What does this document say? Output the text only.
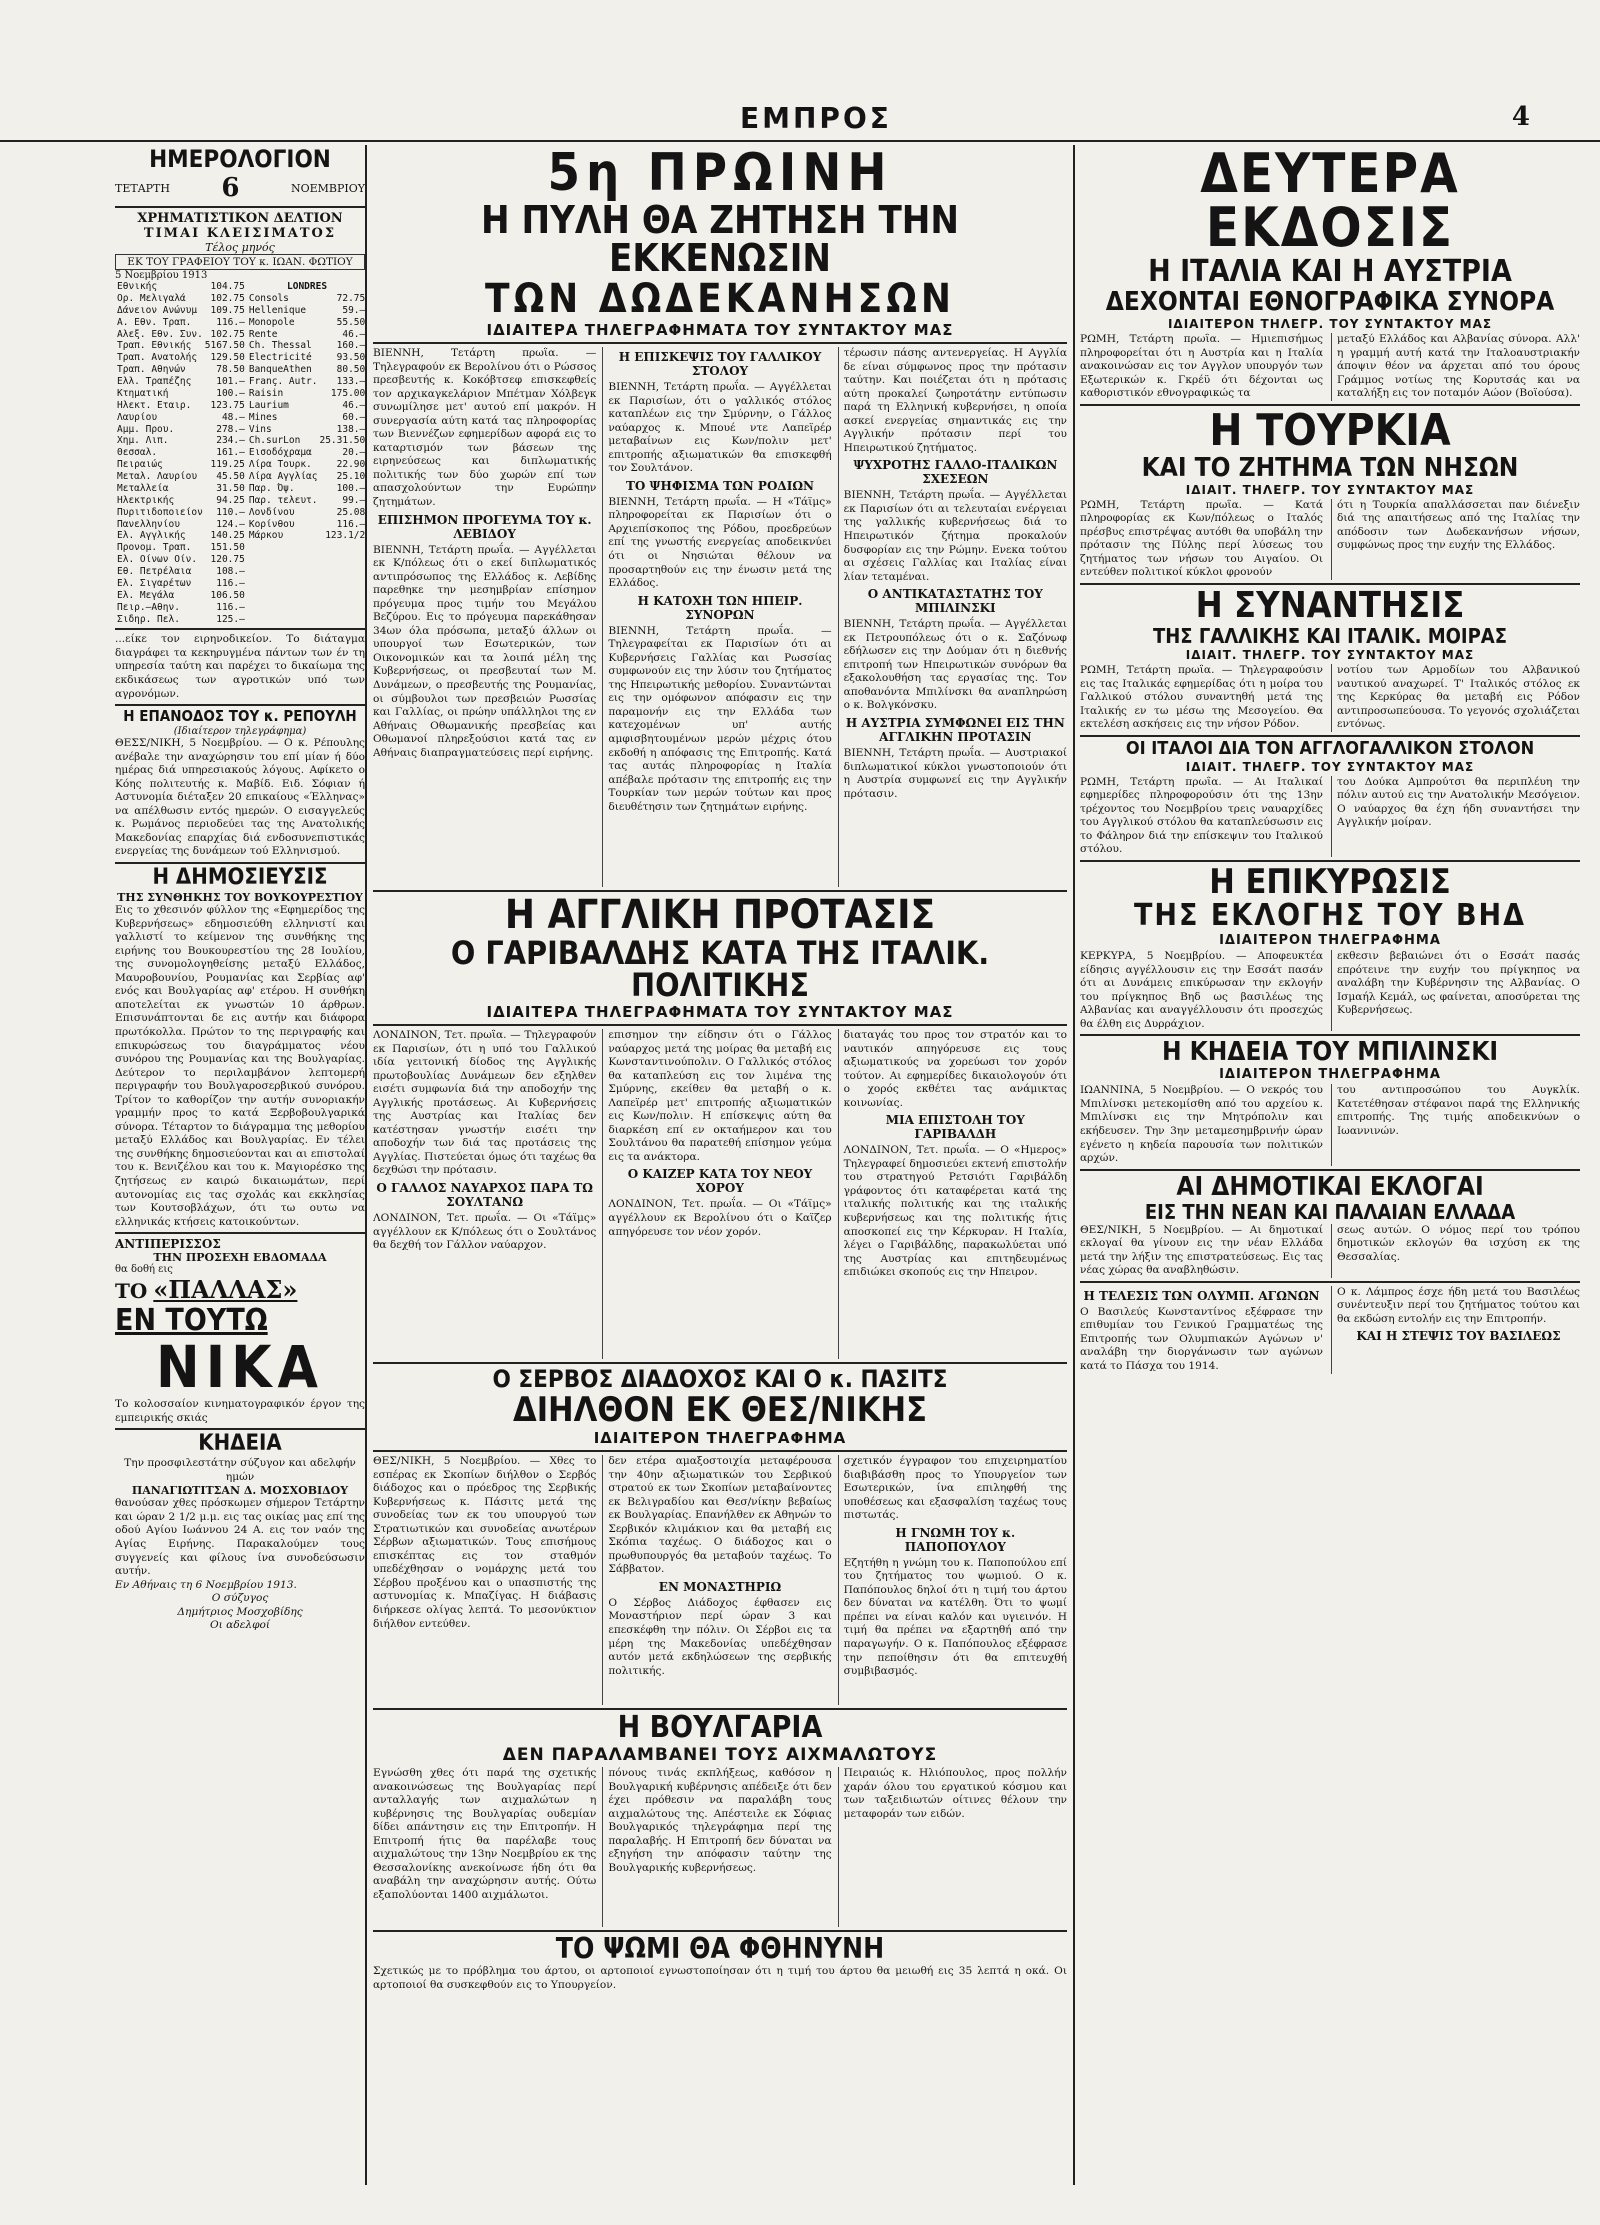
ΕΜΠΡΟΣ	4
ΗΜΕΡΟΛΟΓΙΟΝ
ΤΕΤΑΡΤΗ 6	ΝΟΕΜΒΡΙΟΥ
ΧΡΗΜΑΤΙΣΤΙΚΟΝ ΔΕΛΤΙΟΝ
ΤΙΜΑΙ ΚΛΕΙΣΙΜΑΤΟΣ
Τέλος μηνός
ΕΚ ΤΟΥ ΓΡΑΦΕΙΟΥ ΤΟΥ κ. ΙΩΑΝ. ΦΩΤΙΟΥ
5 Νοεμβρίου 1913
Εθνικής	104.75
Ορ. Μελιγαλά	102.75
Δάνειον Ανώνυμ	109.75
Α. Εθν. Τραπ.	116.—
Αλεξ. Εθν. Συν.	102.75
Τραπ. Εθνικής	5167.50
Τραπ. Ανατολής	129.50
Τραπ. Αθηνών	78.50
Ελλ. Τραπέζης	101.—
Κτηματική	100.—
Ηλεκτ. Εταιρ.	123.75
Λαυρίου	48.—
Αμμ. Πρου.	278.—
Χημ. Λιπ.	234.—
Θεσσαλ.	161.—
Πειραιώς	119.25
Μεταλ. Λαυρίου	45.50
Μεταλλεία	31.50
Ηλεκτρικής	94.25
Πυριτιδοποιείον	110.—
Πανελληνίου	124.—
Ελ. Αγγλικής	140.25
Προνομ. Τραπ.	151.50
Ελ. Οίνων Οίν.	120.75
Εθ. Πετρέλαια	108.—
Ελ. Σιγαρέτων	116.—
Ελ. Μεγάλα	106.50
Πειρ.—Αθην.	116.—
Σιδηρ. Πελ.	125.—

LONDRES
Consols	72.75
Hellenique	59.—
Monopole	55.50
Rente	46.—
Ch. Thessal	160.—
Electricité	93.50
BanqueAthen	80.50
Franç. Autr.	133.—
Raisin	175.00
Laurium	46.—
Mines	60.—
Vins	138.—
Ch.surLon	25.31.50
Εισοδόχραμα	20.—
Λίρα Τουρκ.	22.90
Λίρα Αγγλίας	25.10
Παρ. Όψ.	100.—
Παρ. τελευτ.	99.—
Λονδίνου	25.08
Κορίνθου	116.—
Μάρκου	123.1/2

...είκε τον ειρηνοδικείον. Το διάταγμα διαγράφει τα κεκηρυγμένα πάντων των έν τη υπηρεσία ταύτη και παρέχει το δικαίωμα της εκδικάσεως των αγροτικών υπό των αγρονόμων.

Η ΕΠΑΝΟΔΟΣ ΤΟΥ κ. ΡΕΠΟΥΛΗ
(Ιδιαίτερον τηλεγράφημα)

ΘΕΣΣ/ΝΙΚΗ, 5 Νοεμβρίου. — Ο κ. Ρέπουλης ανέβαλε την αναχώρησιν του επί μίαν ή δύο ημέρας διά υπηρεσιακούς λόγους. Αφίκετο ο Κόης πολιτευτής κ. Μαβίδ. Ειδ. Σόφιαν ή Αστυνομία διέταξεν 20 επικαίους «Έλληνας» να απέλθωσιν εντός ημερών. Ο εισαγγελεύς κ. Ρωμάνος περιοδεύει τας της Ανατολικής Μακεδονίας επαρχίας διά ενδοσυνεπιστικάς ενεργείας της δυνάμεων τού Ελληνισμού.

Η ΔΗΜΟΣΙΕΥΣΙΣ
ΤΗΣ ΣΥΝΘΗΚΗΣ ΤΟΥ ΒΟΥΚΟΥΡΕΣΤΙΟΥ

Εις το χθεσινόν φύλλον της «Εφημερίδος της Κυβερνήσεως» εδημοσιεύθη ελληνιστί και γαλλιστί το κείμενον της συνθήκης της ειρήνης του Βουκουρεστίου της 28 Ιουλίου, της συνομολογηθείσης μεταξύ Ελλάδος, Μαυροβουνίου, Ρουμανίας και Σερβίας αφ' ενός και Βουλγαρίας αφ' ετέρου. Η συνθήκη αποτελείται εκ γνωστών 10 άρθρων. Επισυνάπτονται δε εις αυτήν και διάφορα πρωτόκολλα. Πρώτον το της περιγραφής και επικυρώσεως του διαγράμματος νέου συνόρου της Ρουμανίας και της Βουλγαρίας. Δεύτερον το περιλαμβάνον λεπτομερή περιγραφήν του Βουλγαροσερβικού συνόρου. Τρίτον το καθορίζον την αυτήν συνοριακήν γραμμήν προς το κατά Ξερβοβουλγαρικά σύνορα. Τέταρτον το διάγραμμα της μεθορίου μεταξύ Ελλάδος και Βουλγαρίας. Εν τέλει της συνθήκης δημοσιεύονται και αι επιστολαί του κ. Βενιζέλου και του κ. Μαγιορέσκο της ζητήσεως εν καιρώ δικαιωμάτων, περί αυτονομίας εις τας σχολάς και εκκλησίας των Κουτσοβλάχων, ότι τω ουτω να ελληνικάς κτήσεις κατοικούντων.

ΑΝΤΙΠΕΡΙΣΣΟΣ
ΤΗΝ ΠΡΟΣΕΧΗ ΕΒΔΟΜΑΔΑ
θα δοθή εις
ΤΟ «ΠΑΛΛΑΣ»
ΕΝ ΤΟΥΤΩ
ΝΙΚΑ

Το κολοσσαίον κινηματογραφικόν έργον της εμπειρικής σκιάς

ΚΗΔΕΙΑ

Την προσφιλεστάτην σύζυγον και αδελφήν ημών

ΠΑΝΑΓΙΩΤΙΤΣΑΝ Δ. ΜΟΣΧΟΒΙΔΟΥ

θανούσαν χθες πρόσκωμεν σήμερον Τετάρτην και ώραν 2 1/2 μ.μ. εις τας οικίας μας επί της οδού Αγίου Ιωάννου 24 Α. εις τον ναόν της Αγίας Ειρήνης. Παρακαλούμεν τους συγγενείς και φίλους ίνα συνοδεύσωσιν αυτήν.

Εν Αθήναις τη 6 Νοεμβρίου 1913.

Ο σύζυγος

Δημήτριος Μοσχοβίδης

Οι αδελφοί

5η ΠΡΩΙΝΗ
Η ΠΥΛΗ ΘΑ ΖΗΤΗΣΗ ΤΗΝ ΕΚΚΕΝΩΣΙΝ
ΤΩΝ ΔΩΔΕΚΑΝΗΣΩΝ
ΙΔΙΑΙΤΕΡΑ ΤΗΛΕΓΡΑΦΗΜΑΤΑ ΤΟΥ ΣΥΝΤΑΚΤΟΥ ΜΑΣ

ΒΙΕΝΝΗ, Τετάρτη πρωΐα. — Τηλεγραφούν εκ Βερολίνου ότι ο Ρώσσος πρεσβευτής κ. Κοκόβτσεφ επισκεφθείς τον αρχικαγκελάριον Μπέτμαν Χόλβεγκ συνωμίλησε μετ' αυτού επί μακρόν. Η συνεργασία αύτη κατά τας πληροφορίας των Βιεννέζων εφημερίδων αφορά εις το καταρτισμόν των βάσεων της ειρηνεύσεως και διπλωματικής πολιτικής των δύο χωρών επί των απασχολούντων την Ευρώπην ζητημάτων.

ΕΠΙΣΗΜΟΝ ΠΡΟΓΕΥΜΑ ΤΟΥ κ. ΛΕΒΙΔΟΥ

ΒΙΕΝΝΗ, Τετάρτη πρωΐα. — Αγγέλλεται εκ Κ/πόλεως ότι ο εκεί διπλωματικός αντιπρόσωπος της Ελλάδος κ. Λεβίδης παρεθηκε την μεσημβρίαν επίσημον πρόγευμα προς τιμήν του Μεγάλου Βεζύρου. Εις το πρόγευμα παρεκάθησαν 34ων όλα πρόσωπα, μεταξύ άλλων οι υπουργοί των Εσωτερικών, των Οικονομικών και τα λοιπά μέλη της Κυβερνήσεως, οι πρεσβευταί των Μ. Δυνάμεων, ο πρεσβευτής της Ρουμανίας, οι σύμβουλοι των πρεσβειών Ρωσσίας και Γαλλίας, οι πρώην υπάλληλοι της εν Αθήναις Οθωμανικής πρεσβείας και Οθωμανοί πληρεξούσιοι κατά τας εν Αθήναις διαπραγματεύσεις περί ειρήνης.

Η ΕΠΙΣΚΕΨΙΣ ΤΟΥ ΓΑΛΛΙΚΟΥ ΣΤΟΛΟΥ

ΒΙΕΝΝΗ, Τετάρτη πρωΐα. — Αγγέλλεται εκ Παρισίων, ότι ο γαλλικός στόλος καταπλέων εις την Σμύρνην, ο Γάλλος ναύαρχος κ. Μπουέ ντε Λαπεϊρέρ μεταβαίνων εις Κων/πολιν μετ' επιτροπής αξιωματικών θα επισκεφθή τον Σουλτάνον.

ΤΟ ΨΗΦΙΣΜΑ ΤΩΝ ΡΟΔΙΩΝ

ΒΙΕΝΝΗ, Τετάρτη πρωΐα. — Η «Τάϊμς» πληροφορείται εκ Παρισίων ότι ο Αρχιεπίσκοπος της Ρόδου, προεδρεύων επί της γνωστής ενεργείας αποδεικνύει ότι οι Νησιώται θέλουν να προσαρτηθούν εις την ένωσιν μετά της Ελλάδος.

Η ΚΑΤΟΧΗ ΤΩΝ ΗΠΕΙΡ. ΣΥΝΟΡΩΝ

ΒΙΕΝΝΗ, Τετάρτη πρωΐα. — Τηλεγραφείται εκ Παρισίων ότι αι Κυβερνήσεις Γαλλίας και Ρωσσίας συμφωνούν εις την λύσιν του ζητήματος της Ηπειρωτικής μεθορίου. Συναντώνται εις την ομόφωνον απόφασιν εις την παραμονήν εις την Ελλάδα των κατεχομένων υπ' αυτής αμφισβητουμένων μερών μέχρις ότου εκδοθή η απόφασις της Επιτροπής. Κατά τας αυτάς πληροφορίας η Ιταλία απέβαλε πρότασιν της επιτροπής εις την Τουρκίαν των μερών τούτων και προς διευθέτησιν των ζητημάτων ειρήνης.

τέρωσιν πάσης αντενεργείας. Η Αγγλία δε είναι σύμφωνος προς την πρότασιν ταύτην. Και ποιέζεται ότι η πρότασις αύτη προκαλεί ζωηροτάτην εντύπωσιν παρά τη Ελληνική κυβερνήσει, η οποία ασκεί ενεργείας σημαντικάς εις την Αγγλικήν πρότασιν περί του Ηπειρωτικού ζητήματος.

ΨΥΧΡΟΤΗΣ ΓΑΛΛΟ-ΙΤΑΛΙΚΩΝ ΣΧΕΣΕΩΝ

ΒΙΕΝΝΗ, Τετάρτη πρωΐα. — Αγγέλλεται εκ Παρισίων ότι αι τελευταίαι ενέργειαι της γαλλικής κυβερνήσεως διά το Ηπειρωτικόν ζήτημα προκαλούν δυσφορίαν εις την Ρώμην. Ενεκα τούτου αι σχέσεις Γαλλίας και Ιταλίας είναι λίαν τεταμέναι.

Ο ΑΝΤΙΚΑΤΑΣΤΑΤΗΣ ΤΟΥ ΜΠΙΛΙΝΣΚΙ

ΒΙΕΝΝΗ, Τετάρτη πρωΐα. — Αγγέλλεται εκ Πετρουπόλεως ότι ο κ. Σαζόνωφ εδήλωσεν εις την Δούμαν ότι η διεθνής επιτροπή των Ηπειρωτικών συνόρων θα εξακολουθήση τας εργασίας της. Τον αποθανόντα Μπιλίνσκι θα αναπληρώση ο κ. Βολγκόνσκυ.

Η ΑΥΣΤΡΙΑ ΣΥΜΦΩΝΕΙ ΕΙΣ ΤΗΝ ΑΓΓΛΙΚΗΝ ΠΡΟΤΑΣΙΝ

ΒΙΕΝΝΗ, Τετάρτη πρωΐα. — Αυστριακοί διπλωματικοί κύκλοι γνωστοποιούν ότι η Αυστρία συμφωνεί εις την Αγγλικήν πρότασιν.

Η ΑΓΓΛΙΚΗ ΠΡΟΤΑΣΙΣ
Ο ΓΑΡΙΒΑΛΔΗΣ ΚΑΤΑ ΤΗΣ ΙΤΑΛΙΚ. ΠΟΛΙΤΙΚΗΣ
ΙΔΙΑΙΤΕΡΑ ΤΗΛΕΓΡΑΦΗΜΑΤΑ ΤΟΥ ΣΥΝΤΑΚΤΟΥ ΜΑΣ

ΛΟΝΔΙΝΟΝ, Τετ. πρωΐα. — Τηλεγραφούν εκ Παρισίων, ότι η υπό του Γαλλικού ιδία γειτονική δίοδος της Αγγλικής πρωτοβουλίας Δυνάμεων δεν εξηλθεν εισέτι συμφωνία διά την αποδοχήν της Αγγλικής προτάσεως. Αι Κυβερνήσεις της Αυστρίας και Ιταλίας δεν κατέστησαν γνωστήν εισέτι την αποδοχήν των διά τας προτάσεις της Αγγλίας. Πιστεύεται όμως ότι ταχέως θα δεχθώσι την πρότασιν.

Ο ΓΑΛΛΟΣ ΝΑΥΑΡΧΟΣ ΠΑΡΑ ΤΩ ΣΟΥΛΤΑΝΩ

ΛΟΝΔΙΝΟΝ, Τετ. πρωΐα. — Οι «Τάϊμς» αγγέλλουν εκ Κ/πόλεως ότι ο Σουλτάνος θα δεχθή τον Γάλλον ναύαρχον.

επισημον την είδησιν ότι ο Γάλλος ναύαρχος μετά της μοίρας θα μεταβή εις Κωνσταντινούπολιν. Ο Γαλλικός στόλος θα καταπλεύση εις τον λιμένα της Σμύρνης, εκείθεν θα μεταβή ο κ. Λαπεϊρέρ μετ' επιτροπής αξιωματικών εις Κων/πολιν. Η επίσκεψις αύτη θα διαρκέση επί εν οκταήμερον και του Σουλτάνου θα παρατεθή επίσημον γεύμα εις τα ανάκτορα.

Ο ΚΑΙΖΕΡ ΚΑΤΑ ΤΟΥ ΝΕΟΥ ΧΟΡΟΥ

ΛΟΝΔΙΝΟΝ, Τετ. πρωΐα. — Οι «Τάϊμς» αγγέλλουν εκ Βερολίνου ότι ο Καϊζερ απηγόρευσε τον νέον χορόν.

διαταγάς του προς τον στρατόν και το ναυτικόν απηγόρευσε εις τους αξιωματικούς να χορεύωσι τον χορόν τούτον. Αι εφημερίδες δικαιολογούν ότι ο χορός εκθέτει τας ανάμικτας κοινωνίας.

ΜΙΑ ΕΠΙΣΤΟΛΗ ΤΟΥ ΓΑΡΙΒΑΛΔΗ

ΛΟΝΔΙΝΟΝ, Τετ. πρωΐα. — Ο «Ημερος» Τηλεγραφεί δημοσιεύει εκτενή επιστολήν του στρατηγού Ρετσιότι Γαριβάλδη γράφοντος ότι καταφέρεται κατά της ιταλικής πολιτικής και της ιταλικής κυβερνήσεως και της πολιτικής ήτις αποσκοπεί εις την Κέρκυραν. Η Ιταλία, λέγει ο Γαριβάλδης, παρακωλύεται υπό της Αυστρίας και επιτηδευμένως επιδιώκει σκοπούς εις την Ηπειρον.

Ο ΣΕΡΒΟΣ ΔΙΑΔΟΧΟΣ ΚΑΙ Ο κ. ΠΑΣΙΤΣ
ΔΙΗΛΘΟΝ ΕΚ ΘΕΣ/ΝΙΚΗΣ
ΙΔΙΑΙΤΕΡΟΝ ΤΗΛΕΓΡΑΦΗΜΑ

ΘΕΣ/ΝΙΚΗ, 5 Νοεμβρίου. — Χθες το εσπέρας εκ Σκοπίων διήλθον ο Σερβός διάδοχος και ο πρόεδρος της Σερβικής Κυβερνήσεως κ. Πάσιτς μετά της συνοδείας των εκ του υπουργού των Στρατιωτικών και συνοδείας ανωτέρων Σέρβων αξιωματικών. Τους επισήμους επισκέπτας εις τον σταθμόν υπεδέχθησαν ο νομάρχης μετά του Σέρβου προξένου και ο υπασπιστής της αστυνομίας κ. Μπαζίγας. Η διάβασις διήρκεσε ολίγας λεπτά. Το μεσονύκτιον διήλθον εντεύθεν.

δεν ετέρα αμαξοστοιχία μεταφέρουσα την 40ην αξιωματικών του Σερβικού στρατού εκ των Σκοπίων μεταβαίνοντες εκ Βελιγραδίου και Θεσ/νίκην βεβαίως εκ Βουλγαρίας. Επανήλθεν εκ Αθηνών το Σερβικόν κλιμάκιον και θα μεταβή εις Σκόπια ταχέως. Ο διάδοχος και ο πρωθυπουργός θα μεταβούν ταχέως. Το Σάββατον.

ΕΝ ΜΟΝΑΣΤΗΡΙΩ

Ο Σέρβος Διάδοχος έφθασεν εις Μοναστήριον περί ώραν 3 και επεσκέφθη την πόλιν. Οι Σέρβοι εις τα μέρη της Μακεδονίας υπεδέχθησαν αυτόν μετά εκδηλώσεων της σερβικής πολιτικής.

σχετικόν έγγραφον του επιχειρηματίου διαβιβάσθη προς το Υπουργείον των Εσωτερικών, ίνα επιληφθή της υποθέσεως και εξασφαλίση ταχέως τους πιστωτάς.

Η ΓΝΩΜΗ ΤΟΥ κ. ΠΑΠΟΠΟΥΛΟΥ

Εζητήθη η γνώμη του κ. Παποπούλου επί του ζητήματος του ψωμιού. Ο κ. Παπόπουλος δηλοί ότι η τιμή του άρτου δεν δύναται να κατέλθη. Ότι το ψωμί πρέπει να είναι καλόν και υγιεινόν. Η τιμή θα πρέπει να εξαρτηθή από την παραγωγήν. Ο κ. Παπόπουλος εξέφρασε την πεποίθησιν ότι θα επιτευχθή συμβιβασμός.

Η ΒΟΥΛΓΑΡΙΑ
ΔΕΝ ΠΑΡΑΛΑΜΒΑΝΕΙ ΤΟΥΣ ΑΙΧΜΑΛΩΤΟΥΣ

Εγνώσθη χθες ότι παρά της σχετικής ανακοινώσεως της Βουλγαρίας περί ανταλλαγής των αιχμαλώτων η κυβέρνησις της Βουλγαρίας ουδεμίαν δίδει απάντησιν εις την Επιτροπήν. Η Επιτροπή ήτις θα παρέλαβε τους αιχμαλώτους την 13ην Νοεμβρίου εκ της Θεσσαλονίκης ανεκοίνωσε ήδη ότι θα αναβάλη την αναχώρησιν αυτής. Ούτω εξαπολύονται 1400 αιχμάλωτοι.

πόνους τινάς εκπλήξεως, καθόσον η Βουλγαρική κυβέρνησις απέδειξε ότι δεν έχει πρόθεσιν να παραλάβη τους αιχμαλώτους της. Απέστειλε εκ Σόφιας Βουλγαρικός τηλεγράφημα περί της παραλαβής. Η Επιτροπή δεν δύναται να εξηγήση την απόφασιν ταύτην της Βουλγαρικής κυβερνήσεως.

Πειραιώς κ. Ηλιόπουλος, προς πολλήν χαράν όλου του εργατικού κόσμου και των ταξειδιωτών οίτινες θέλουν την μεταφοράν των ειδών.

ΤΟ ΨΩΜΙ ΘΑ ΦΘΗΝΥΝΗ

Σχετικώς με το πρόβλημα του άρτου, οι αρτοποιοί εγνωστοποίησαν ότι η τιμή του άρτου θα μειωθή εις 35 λεπτά η οκά. Οι αρτοποιοί θα συσκεφθούν εις το Υπουργείον.

ΔΕΥΤΕΡΑ ΕΚΔΟΣΙΣ
Η ΙΤΑΛΙΑ ΚΑΙ Η ΑΥΣΤΡΙΑ
ΔΕΧΟΝΤΑΙ ΕΘΝΟΓΡΑΦΙΚΑ ΣΥΝΟΡΑ
ΙΔΙΑΙΤΕΡΟΝ ΤΗΛΕΓΡ. ΤΟΥ ΣΥΝΤΑΚΤΟΥ ΜΑΣ

ΡΩΜΗ, Τετάρτη πρωΐα. — Ημιεπισήμως πληροφορείται ότι η Αυστρία και η Ιταλία ανακοινώσαν εις τον Αγγλον υπουργόν των Εξωτερικών κ. Γκρέϋ ότι δέχονται ως καθοριστικόν εθνογραφικώς τα

μεταξύ Ελλάδος και Αλβανίας σύνορα. Αλλ' η γραμμή αυτή κατά την Ιταλοαυστριακήν άποψιν θέον να άρχεται από του όρους Γράμμος νοτίως της Κορυτσάς και να καταλήξη εις τον ποταμόν Αώον (Βοϊούσα).

Η ΤΟΥΡΚΙΑ
ΚΑΙ ΤΟ ΖΗΤΗΜΑ ΤΩΝ ΝΗΣΩΝ
ΙΔΙΑΙΤ. ΤΗΛΕΓΡ. ΤΟΥ ΣΥΝΤΑΚΤΟΥ ΜΑΣ

ΡΩΜΗ, Τετάρτη πρωΐα. — Κατά πληροφορίας εκ Κων/πόλεως ο Ιταλός πρέσβυς επιστρέψας αυτόθι θα υποβάλη την πρότασιν της Πύλης περί λύσεως του ζητήματος των νήσων του Αιγαίου. Οι εντεύθεν πολιτικοί κύκλοι φρονούν

ότι η Τουρκία απαλλάσσεται παν διένεξιν διά της απαιτήσεως από της Ιταλίας την απόδοσιν των Δωδεκανήσων νήσων, συμφώνως προς την ευχήν της Ελλάδος.

Η ΣΥΝΑΝΤΗΣΙΣ
ΤΗΣ ΓΑΛΛΙΚΗΣ ΚΑΙ ΙΤΑΛΙΚ. ΜΟΙΡΑΣ
ΙΔΙΑΙΤ. ΤΗΛΕΓΡ. ΤΟΥ ΣΥΝΤΑΚΤΟΥ ΜΑΣ

ΡΩΜΗ, Τετάρτη πρωΐα. — Τηλεγραφούσιν εις τας Ιταλικάς εφημερίδας ότι η μοίρα του Γαλλικού στόλου συναντηθή μετά της Ιταλικής εν τω μέσω της Μεσογείου. Θα εκτελέση ασκήσεις εις την νήσον Ρόδον.

νοτίου των Αρμοδίων του Αλβανικού ναυτικού αναχωρεί. Τ' Ιταλικός στόλος εκ της Κερκύρας θα μεταβή εις Ρόδον αντιπροσωπεύουσα. Το γεγονός σχολιάζεται εντόνως.

ΟΙ ΙΤΑΛΟΙ ΔΙΑ ΤΟΝ ΑΓΓΛΟΓΑΛΛΙΚΟΝ ΣΤΟΛΟΝ
ΙΔΙΑΙΤ. ΤΗΛΕΓΡ. ΤΟΥ ΣΥΝΤΑΚΤΟΥ ΜΑΣ

ΡΩΜΗ, Τετάρτη πρωΐα. — Αι Ιταλικαί εφημερίδες πληροφορούσιν ότι της 13ην τρέχοντος του Νοεμβρίου τρεις ναυαρχίδες του Αγγλικού στόλου θα καταπλεύσωσιν εις το Φάληρον διά την επίσκεψιν του Ιταλικού στόλου.

του Δούκα Αμπρούτσι θα περιπλέυη την πόλιν αυτού εις την Ανατολικήν Μεσόγειον. Ο ναύαρχος θα έχη ήδη συναντήσει την Αγγλικήν μοίραν.

Η ΕΠΙΚΥΡΩΣΙΣ
ΤΗΣ ΕΚΛΟΓΗΣ ΤΟΥ ΒΗΔ
ΙΔΙΑΙΤΕΡΟΝ ΤΗΛΕΓΡΑΦΗΜΑ

ΚΕΡΚΥΡΑ, 5 Νοεμβρίου. — Αποφευκτέα είδησις αγγέλλουσιν εις την Εσσάτ πασάν ότι αι Δυνάμεις επικύρωσαν την εκλογήν του πρίγκηπος Βηδ ως βασιλέως της Αλβανίας και αναγγέλλουσιν ότι προσεχώς θα έλθη εις Δυρράχιον.

εκθεσιν βεβαιώνει ότι ο Εσσάτ πασάς επρότεινε την ευχήν του πρίγκηπος να αναλάβη την Κυβέρνησιν της Αλβανίας. Ο Ισμαήλ Κεμάλ, ως φαίνεται, αποσύρεται της Κυβερνήσεως.

Η ΚΗΔΕΙΑ ΤΟΥ ΜΠΙΛΙΝΣΚΙ
ΙΔΙΑΙΤΕΡΟΝ ΤΗΛΕΓΡΑΦΗΜΑ

ΙΩΑΝΝΙΝΑ, 5 Νοεμβρίου. — Ο νεκρός του Μπιλίνσκι μετεκομίσθη από του αρχείου κ. Μπιλίνσκι εις την Μητρόπολιν και εκήδευσεν. Την 3ην μεταμεσημβρινήν ώραν εγένετο η κηδεία παρουσία των πολιτικών αρχών.

του αντιπροσώπου του Αυγκλίκ. Κατετέθησαν στέφανοι παρά της Ελληνικής επιτροπής. Της τιμής αποδεικνύων ο Ιωαννινών.

ΑΙ ΔΗΜΟΤΙΚΑΙ ΕΚΛΟΓΑΙ
ΕΙΣ ΤΗΝ ΝΕΑΝ ΚΑΙ ΠΑΛΑΙΑΝ ΕΛΛΑΔΑ

ΘΕΣ/ΝΙΚΗ, 5 Νοεμβρίου. — Αι δημοτικαί εκλογαί θα γίνουν εις την νέαν Ελλάδα μετά την λήξιν της επιστρατεύσεως. Εις τας νέας χώρας θα αναβληθώσιν.

σεως αυτών. Ο νόμος περί του τρόπου δημοτικών εκλογών θα ισχύση εκ της Θεσσαλίας.

Η ΤΕΛΕΣΙΣ ΤΩΝ ΟΛΥΜΠ. ΑΓΩΝΩΝ

Ο Βασιλεύς Κωνσταντίνος εξέφρασε την επιθυμίαν του Γενικού Γραμματέως της Επιτροπής των Ολυμπιακών Αγώνων ν' αναλάβη την διοργάνωσιν των αγώνων κατά το Πάσχα του 1914.

Ο κ. Λάμπρος έσχε ήδη μετά του Βασιλέως συνέντευξιν περί του ζητήματος τούτου και θα εκδώση εντολήν εις την Επιτροπήν.

ΚΑΙ Η ΣΤΕΨΙΣ ΤΟΥ ΒΑΣΙΛΕΩΣ
